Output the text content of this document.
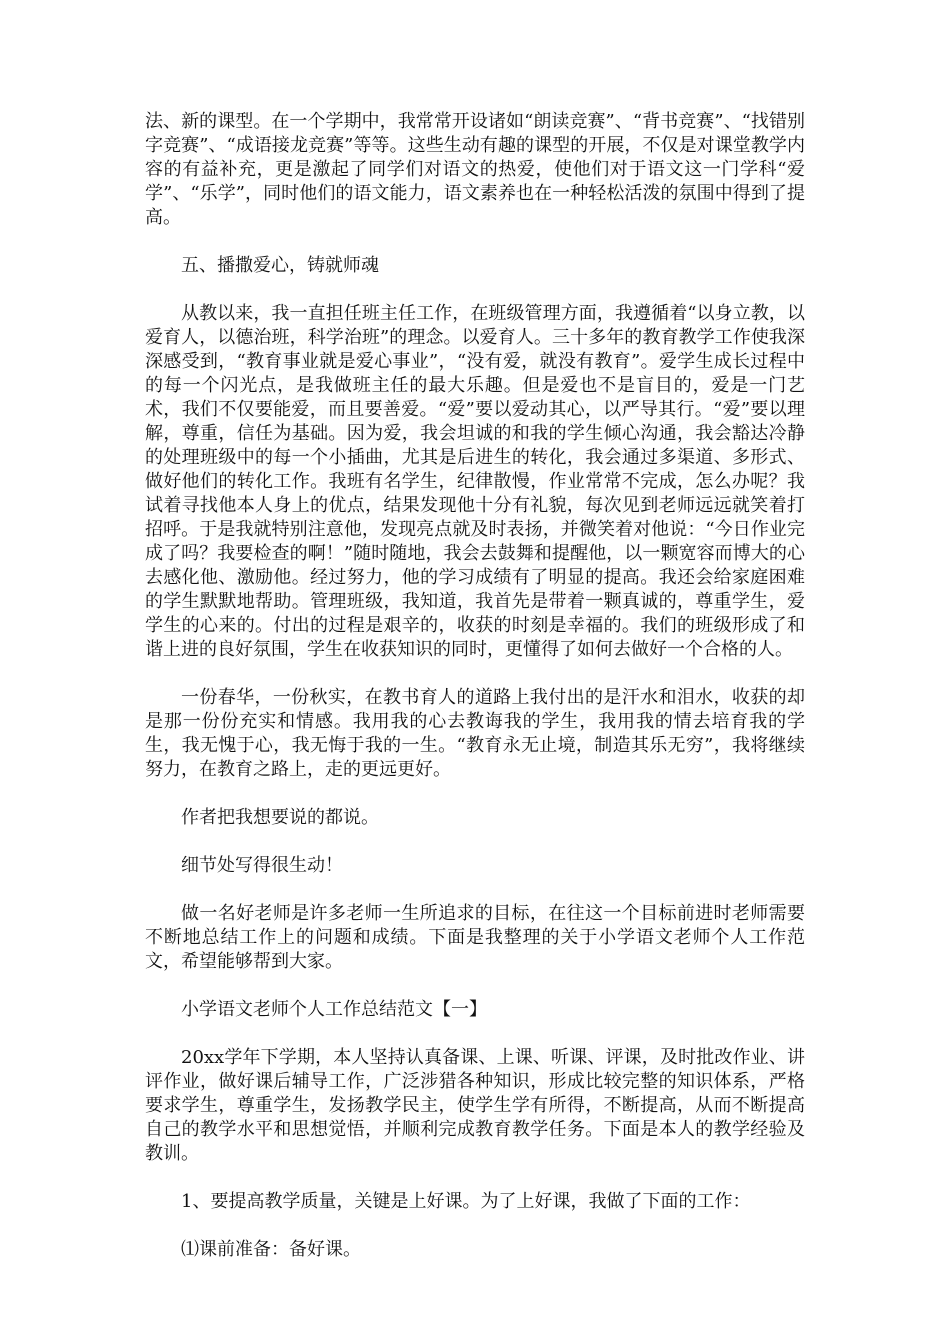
法、新的课型。在一个学期中，我常常开设诸如“朗读竞赛”、“背书竞赛”、“找错别字竞赛”、“成语接龙竞赛”等等。这些生动有趣的课型的开展，不仅是对课堂教学内容的有益补充，更是激起了同学们对语文的热爱，使他们对于语文这一门学科“爱学”、“乐学”，同时他们的语文能力，语文素养也在一种轻松活泼的氛围中得到了提高。

五、播撒爱心，铸就师魂

从教以来，我一直担任班主任工作，在班级管理方面，我遵循着“以身立教，以爱育人，以德治班，科学治班”的理念。以爱育人。三十多年的教育教学工作使我深深感受到，“教育事业就是爱心事业”，“没有爱，就没有教育”。爱学生成长过程中的每一个闪光点，是我做班主任的最大乐趣。但是爱也不是盲目的，爱是一门艺术，我们不仅要能爱，而且要善爱。“爱”要以爱动其心，以严导其行。“爱”要以理解，尊重，信任为基础。因为爱，我会坦诚的和我的学生倾心沟通，我会豁达冷静的处理班级中的每一个小插曲，尤其是后进生的转化，我会通过多渠道、多形式、做好他们的转化工作。我班有名学生，纪律散慢，作业常常不完成，怎么办呢？我试着寻找他本人身上的优点，结果发现他十分有礼貌，每次见到老师远远就笑着打招呼。于是我就特别注意他，发现亮点就及时表扬，并微笑着对他说：“今日作业完成了吗？我要检查的啊！”随时随地，我会去鼓舞和提醒他，以一颗宽容而博大的心去感化他、激励他。经过努力，他的学习成绩有了明显的提高。我还会给家庭困难的学生默默地帮助。管理班级，我知道，我首先是带着一颗真诚的，尊重学生，爱学生的心来的。付出的过程是艰辛的，收获的时刻是幸福的。我们的班级形成了和谐上进的良好氛围，学生在收获知识的同时，更懂得了如何去做好一个合格的人。

一份春华，一份秋实，在教书育人的道路上我付出的是汗水和泪水，收获的却是那一份份充实和情感。我用我的心去教诲我的学生，我用我的情去培育我的学生，我无愧于心，我无悔于我的一生。“教育永无止境，制造其乐无穷”，我将继续努力，在教育之路上，走的更远更好。

作者把我想要说的都说。

细节处写得很生动！

做一名好老师是许多老师一生所追求的目标，在往这一个目标前进时老师需要不断地总结工作上的问题和成绩。下面是我整理的关于小学语文老师个人工作范文，希望能够帮到大家。

小学语文老师个人工作总结范文【一】

20xx学年下学期，本人坚持认真备课、上课、听课、评课，及时批改作业、讲评作业，做好课后辅导工作，广泛涉猎各种知识，形成比较完整的知识体系，严格要求学生，尊重学生，发扬教学民主，使学生学有所得，不断提高，从而不断提高自己的教学水平和思想觉悟，并顺利完成教育教学任务。下面是本人的教学经验及教训。

1、要提高教学质量，关键是上好课。为了上好课，我做了下面的工作：

⑴课前准备：备好课。
